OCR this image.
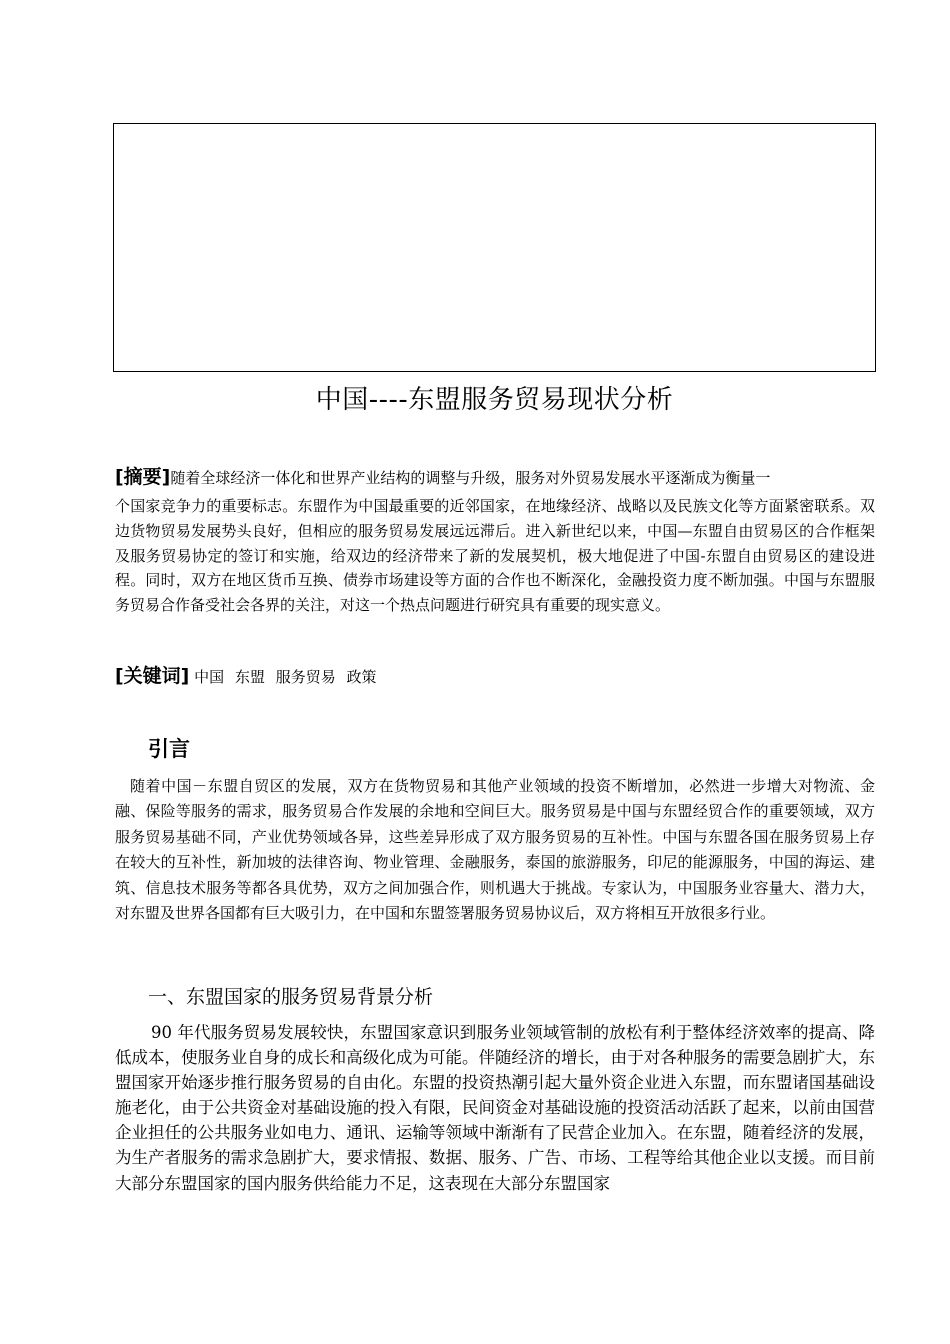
中国----东盟服务贸易现状分析
[摘要]随着全球经济一体化和世界产业结构的调整与升级，服务对外贸易发展水平逐渐成为衡量一
个国家竞争力的重要标志。东盟作为中国最重要的近邻国家，在地缘经济、战略以及民族文化等方面紧密联系。双边货物贸易发展势头良好，但相应的服务贸易发展远远滞后。进入新世纪以来，中国—东盟自由贸易区的合作框架及服务贸易协定的签订和实施，给双边的经济带来了新的发展契机，极大地促进了中国-东盟自由贸易区的建设进程。同时，双方在地区货币互换、债券市场建设等方面的合作也不断深化，金融投资力度不断加强。中国与东盟服务贸易合作备受社会各界的关注，对这一个热点问题进行研究具有重要的现实意义。
[关键词] 中国 东盟 服务贸易 政策
引言
随着中国－东盟自贸区的发展，双方在货物贸易和其他产业领域的投资不断增加，必然进一步增大对物流、金融、保险等服务的需求，服务贸易合作发展的余地和空间巨大。服务贸易是中国与东盟经贸合作的重要领域，双方服务贸易基础不同，产业优势领域各异，这些差异形成了双方服务贸易的互补性。中国与东盟各国在服务贸易上存在较大的互补性，新加坡的法律咨询、物业管理、金融服务，泰国的旅游服务，印尼的能源服务，中国的海运、建筑、信息技术服务等都各具优势，双方之间加强合作，则机遇大于挑战。专家认为，中国服务业容量大、潜力大，对东盟及世界各国都有巨大吸引力，在中国和东盟签署服务贸易协议后，双方将相互开放很多行业。
一、东盟国家的服务贸易背景分析
90 年代服务贸易发展较快，东盟国家意识到服务业领域管制的放松有利于整体经济效率的提高、降低成本，使服务业自身的成长和高级化成为可能。伴随经济的增长，由于对各种服务的需要急剧扩大，东盟国家开始逐步推行服务贸易的自由化。东盟的投资热潮引起大量外资企业进入东盟，而东盟诸国基础设施老化，由于公共资金对基础设施的投入有限，民间资金对基础设施的投资活动活跃了起来，以前由国营企业担任的公共服务业如电力、通讯、运输等领域中渐渐有了民营企业加入。在东盟，随着经济的发展，为生产者服务的需求急剧扩大，要求情报、数据、服务、广告、市场、工程等给其他企业以支援。而目前大部分东盟国家的国内服务供给能力不足，这表现在大部分东盟国家
